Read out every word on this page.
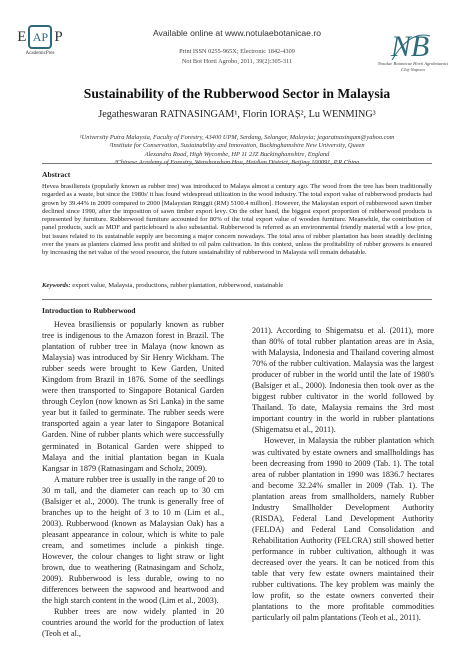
E AP P
AcademicPres
Available online at www.notulaebotanicae.ro
Print ISSN 0255-965X; Electronic 1842-4309
Not Bot Horti Agrobo, 2011, 39(2):305-311	NB
Notulae Botanicae Horti Agrobotanici
Cluj-Napoca
Sustainability of the Rubberwood Sector in Malaysia
Jegatheswaran RATNASINGAM¹, Florin IORAȘ², Lu WENMING³

¹University Putra Malaysia, Faculty of Forestry, 43400 UPM, Serdang, Selangor, Malaysia; jegaratnasingam@yahoo.com

²Institute for Conservation, Sustainability and Innovation, Buckinghamshire New University, Queen

Alexandra Road, High Wycombe, HP 11 2JZ Buckinghamshire, England

³Chinese Academy of Forestry, Wanshoushan Hou, Haidian District, Beijing 100091, P.R.China

Abstract
Hevea brasiliensis (popularly known as rubber tree) was introduced to Malaya almost a century ago. The wood from the tree has been traditionally regarded as a waste, but since the 1980s' it has found widespread utilization in the wood industry. The total export value of rubberwood products had grown by 39.44% in 2009 compared to 2000 [Malaysian Ringgit (RM) 5100.4 million]. However, the Malaysian export of rubberwood sawn timber declined since 1990, after the imposition of sawn timber export levy. On the other hand, the biggest export proportion of rubberwood products is represented by furniture. Rubberwood furniture accounted for 80% of the total export value of wooden furniture. Meanwhile, the contribution of panel products, such as MDF and particleboard is also substantial. Rubberwood is referred as an environmental friendly material with a low price, but issues related to its sustainable supply are becoming a major concern nowadays. The total area of rubber plantation has been steadily declining over the years as planters claimed less profit and shifted to oil palm cultivation. In this context, unless the profitability of rubber growers is ensured by increasing the net value of the wood resource, the future sustainability of rubberwood in Malaysia will remain debatable.
Keywords: export value, Malaysia, productions, rubber plantation, rubberwood, sustainable
Introduction to Rubberwood

Hevea brasiliensis or popularly known as rubber tree is indigenous to the Amazon forest in Brazil. The plantation of rubber tree in Malaya (now known as Malaysia) was introduced by Sir Henry Wickham. The rubber seeds were brought to Kew Garden, United Kingdom from Brazil in 1876. Some of the seedlings were then transported to Singapore Botanical Garden through Ceylon (now known as Sri Lanka) in the same year but it failed to germinate. The rubber seeds were transported again a year later to Singapore Botanical Garden. Nine of rubber plants which were successfully germinated in Botanical Garden were shipped to Malaya and the initial plantation began in Kuala Kangsar in 1879 (Ratnasingam and Scholz, 2009).

A mature rubber tree is usually in the range of 20 to 30 m tall, and the diameter can reach up to 30 cm (Balsiger et al., 2000). The trunk is generally free of branches up to the height of 3 to 10 m (Lim et al., 2003). Rubberwood (known as Malaysian Oak) has a pleasant appearance in colour, which is white to pale cream, and sometimes include a pinkish tinge. However, the colour changes to light straw or light brown, due to weathering (Ratnasingam and Scholz, 2009). Rubberwood is less durable, owing to no differences between the sapwood and heartwood and the high starch content in the wood (Lim et al., 2003).

Rubber trees are now widely planted in 20 countries around the world for the production of latex (Teoh et al.,

2011). According to Shigematsu et al. (2011), more than 80% of total rubber plantation areas are in Asia, with Malaysia, Indonesia and Thailand covering almost 70% of the rubber cultivation. Malaysia was the largest producer of rubber in the world until the late of 1980's (Balsiger et al., 2000). Indonesia then took over as the biggest rubber cultivator in the world followed by Thailand. To date, Malaysia remains the 3rd most important country in the world in rubber plantations (Shigematsu et al., 2011).

However, in Malaysia the rubber plantation which was cultivated by estate owners and smallholdings has been decreasing from 1990 to 2009 (Tab. 1). The total area of rubber plantation in 1990 was 1836.7 hectares and become 32.24% smaller in 2009 (Tab. 1). The plantation areas from smallholders, namely Rubber Industry Smallholder Development Authority (RISDA), Federal Land Development Authority (FELDA) and Federal Land Consolidation and Rehabilitation Authority (FELCRA) still showed better performance in rubber cultivation, although it was decreased over the years. It can be noticed from this table that very few estate owners maintained their rubber cultivations. The key problem was mainly the low profit, so the estate owners converted their plantations to the more profitable commodities particularly oil palm plantations (Teoh et al., 2011).
